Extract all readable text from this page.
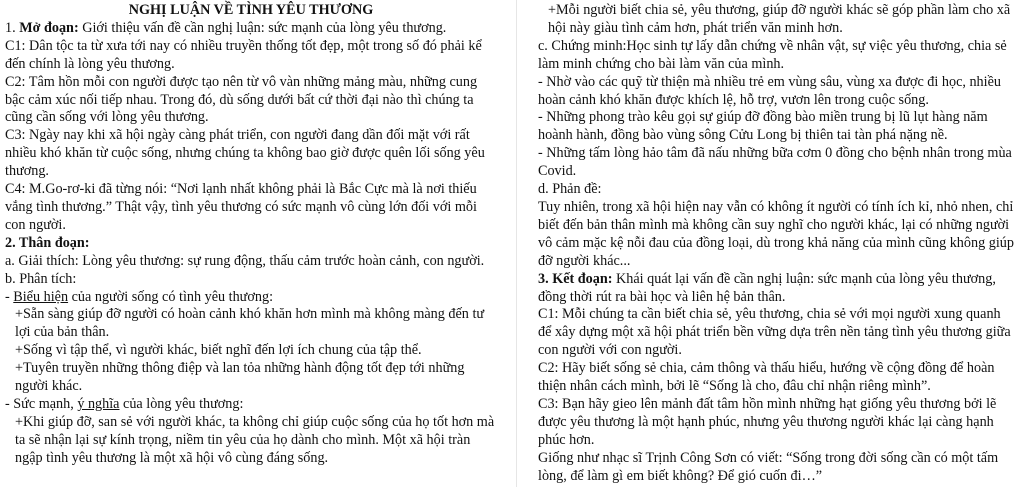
NGHỊ LUẬN VỀ TÌNH YÊU THƯƠNG

1. Mở đoạn: Giới thiệu vấn đề cần nghị luận: sức mạnh của lòng yêu thương.

C1: Dân tộc ta từ xưa tới nay có nhiều truyền thống tốt đẹp, một trong số đó phải kể đến chính là lòng yêu thương.

C2: Tâm hồn mỗi con người được tạo nên từ vô vàn những mảng màu, những cung bậc cảm xúc nối tiếp nhau. Trong đó, dù sống dưới bất cứ thời đại nào thì chúng ta cũng cần sống với lòng yêu thương.

C3: Ngày nay khi xã hội ngày càng phát triển, con người đang dần đối mặt với rất nhiều khó khăn từ cuộc sống, nhưng chúng ta không bao giờ được quên lối sống yêu thương.

C4: M.Go-rơ-ki đã từng nói: “Nơi lạnh nhất không phải là Bắc Cực mà là nơi thiếu vắng tình thương.” Thật vậy, tình yêu thương có sức mạnh vô cùng lớn đối với mỗi con người.

2. Thân đoạn:

a. Giải thích: Lòng yêu thương: sự rung động, thấu cảm trước hoàn cảnh, con người.

b. Phân tích:

- Biểu hiện của người sống có tình yêu thương:

+Sẵn sàng giúp đỡ người có hoàn cảnh khó khăn hơn mình mà không màng đến tư lợi của bản thân.

+Sống vì tập thể, vì người khác, biết nghĩ đến lợi ích chung của tập thể.

+Tuyên truyền những thông điệp và lan tỏa những hành động tốt đẹp tới những người khác.

- Sức mạnh, ý nghĩa của lòng yêu thương:

+Khi giúp đỡ, san sẻ với người khác, ta không chỉ giúp cuộc sống của họ tốt hơn mà ta sẽ nhận lại sự kính trọng, niềm tin yêu của họ dành cho mình. Một xã hội tràn ngập tình yêu thương là một xã hội vô cùng đáng sống.

+Mỗi người biết chia sẻ, yêu thương, giúp đỡ người khác sẽ góp phần làm cho xã hội này giàu tình cảm hơn, phát triển văn minh hơn.

c. Chứng minh:Học sinh tự lấy dẫn chứng về nhân vật, sự việc yêu thương, chia sẻ làm minh chứng cho bài làm văn của mình.

- Nhờ vào các quỹ từ thiện mà nhiều trẻ em vùng sâu, vùng xa được đi học, nhiều hoàn cảnh khó khăn được khích lệ, hỗ trợ, vươn lên trong cuộc sống.

- Những phong trào kêu gọi sự giúp đỡ đồng bào miền trung bị lũ lụt hàng năm hoành hành, đồng bào vùng sông Cửu Long bị thiên tai tàn phá nặng nề.

- Những tấm lòng hảo tâm đã nấu những bữa cơm 0 đồng cho bệnh nhân trong mùa Covid.

d. Phản đề:

Tuy nhiên, trong xã hội hiện nay vẫn có không ít người có tính ích kỉ, nhỏ nhen, chỉ biết đến bản thân mình mà không cần suy nghĩ cho người khác, lại có những người vô cảm mặc kệ nỗi đau của đồng loại, dù trong khả năng của mình cũng không giúp đỡ người khác...

3. Kết đoạn: Khái quát lại vấn đề cần nghị luận: sức mạnh của lòng yêu thương, đồng thời rút ra bài học và liên hệ bản thân.

C1: Mỗi chúng ta cần biết chia sẻ, yêu thương, chia sẻ với mọi người xung quanh để xây dựng một xã hội phát triển bền vững dựa trên nền tảng tình yêu thương giữa con người với con người.

C2: Hãy biết sống sẻ chia, cảm thông và thấu hiểu, hướng về cộng đồng để hoàn thiện nhân cách mình, bởi lẽ “Sống là cho, đâu chỉ nhận riêng mình”.

C3: Bạn hãy gieo lên mảnh đất tâm hồn mình những hạt giống yêu thương bởi lẽ được yêu thương là một hạnh phúc, nhưng yêu thương người khác lại càng hạnh phúc hơn.

Giống như nhạc sĩ Trịnh Công Sơn có viết: “Sống trong đời sống cần có một tấm lòng, để làm gì em biết không? Để gió cuốn đi…”
